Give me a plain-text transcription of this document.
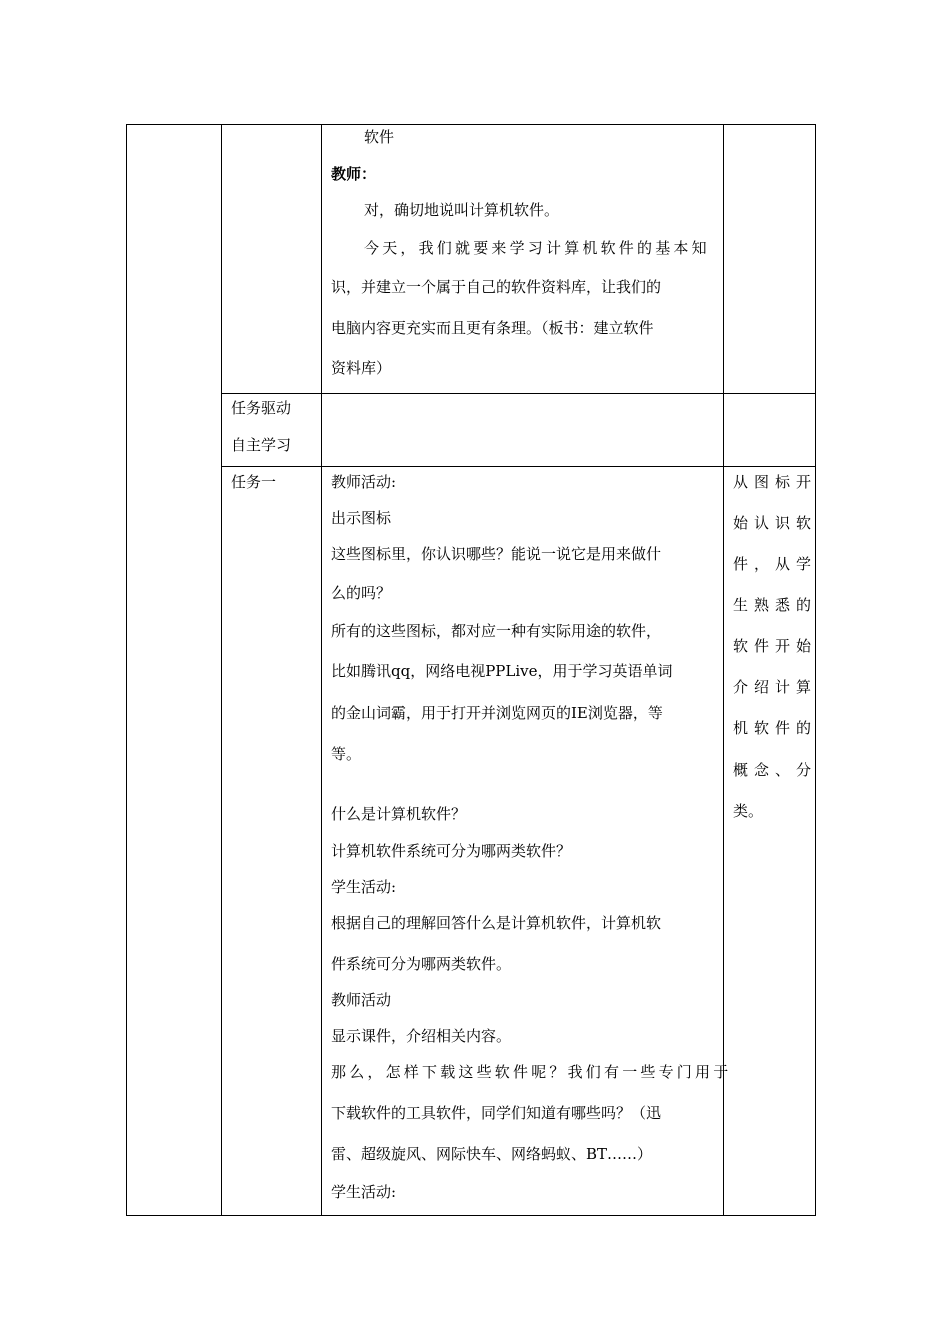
软件
教师：
对，确切地说叫计算机软件。
今天，我们就要来学习计算机软件的基本知
识，并建立一个属于自己的软件资料库，让我们的
电脑内容更充实而且更有条理。（板书：建立软件
资料库）
任务驱动
自主学习
任务一	教师活动:
出示图标
这些图标里，你认识哪些？能说一说它是用来做什
么的吗？
所有的这些图标，都对应一种有实际用途的软件，
比如腾讯qq，网络电视PPLive，用于学习英语单词
的金山词霸，用于打开并浏览网页的IE浏览器，等
等。
什么是计算机软件？
计算机软件系统可分为哪两类软件？
学生活动:
根据自己的理解回答什么是计算机软件，计算机软
件系统可分为哪两类软件。
教师活动
显示课件，介绍相关内容。
那么，怎样下载这些软件呢？我们有一些专门用于
下载软件的工具软件，同学们知道有哪些吗？（迅
雷、超级旋风、网际快车、网络蚂蚁、BT……）
学生活动:
从图标开
始认识软
件，从学
生熟悉的
软件开始
介绍计算
机软件的
概念、分
类。
